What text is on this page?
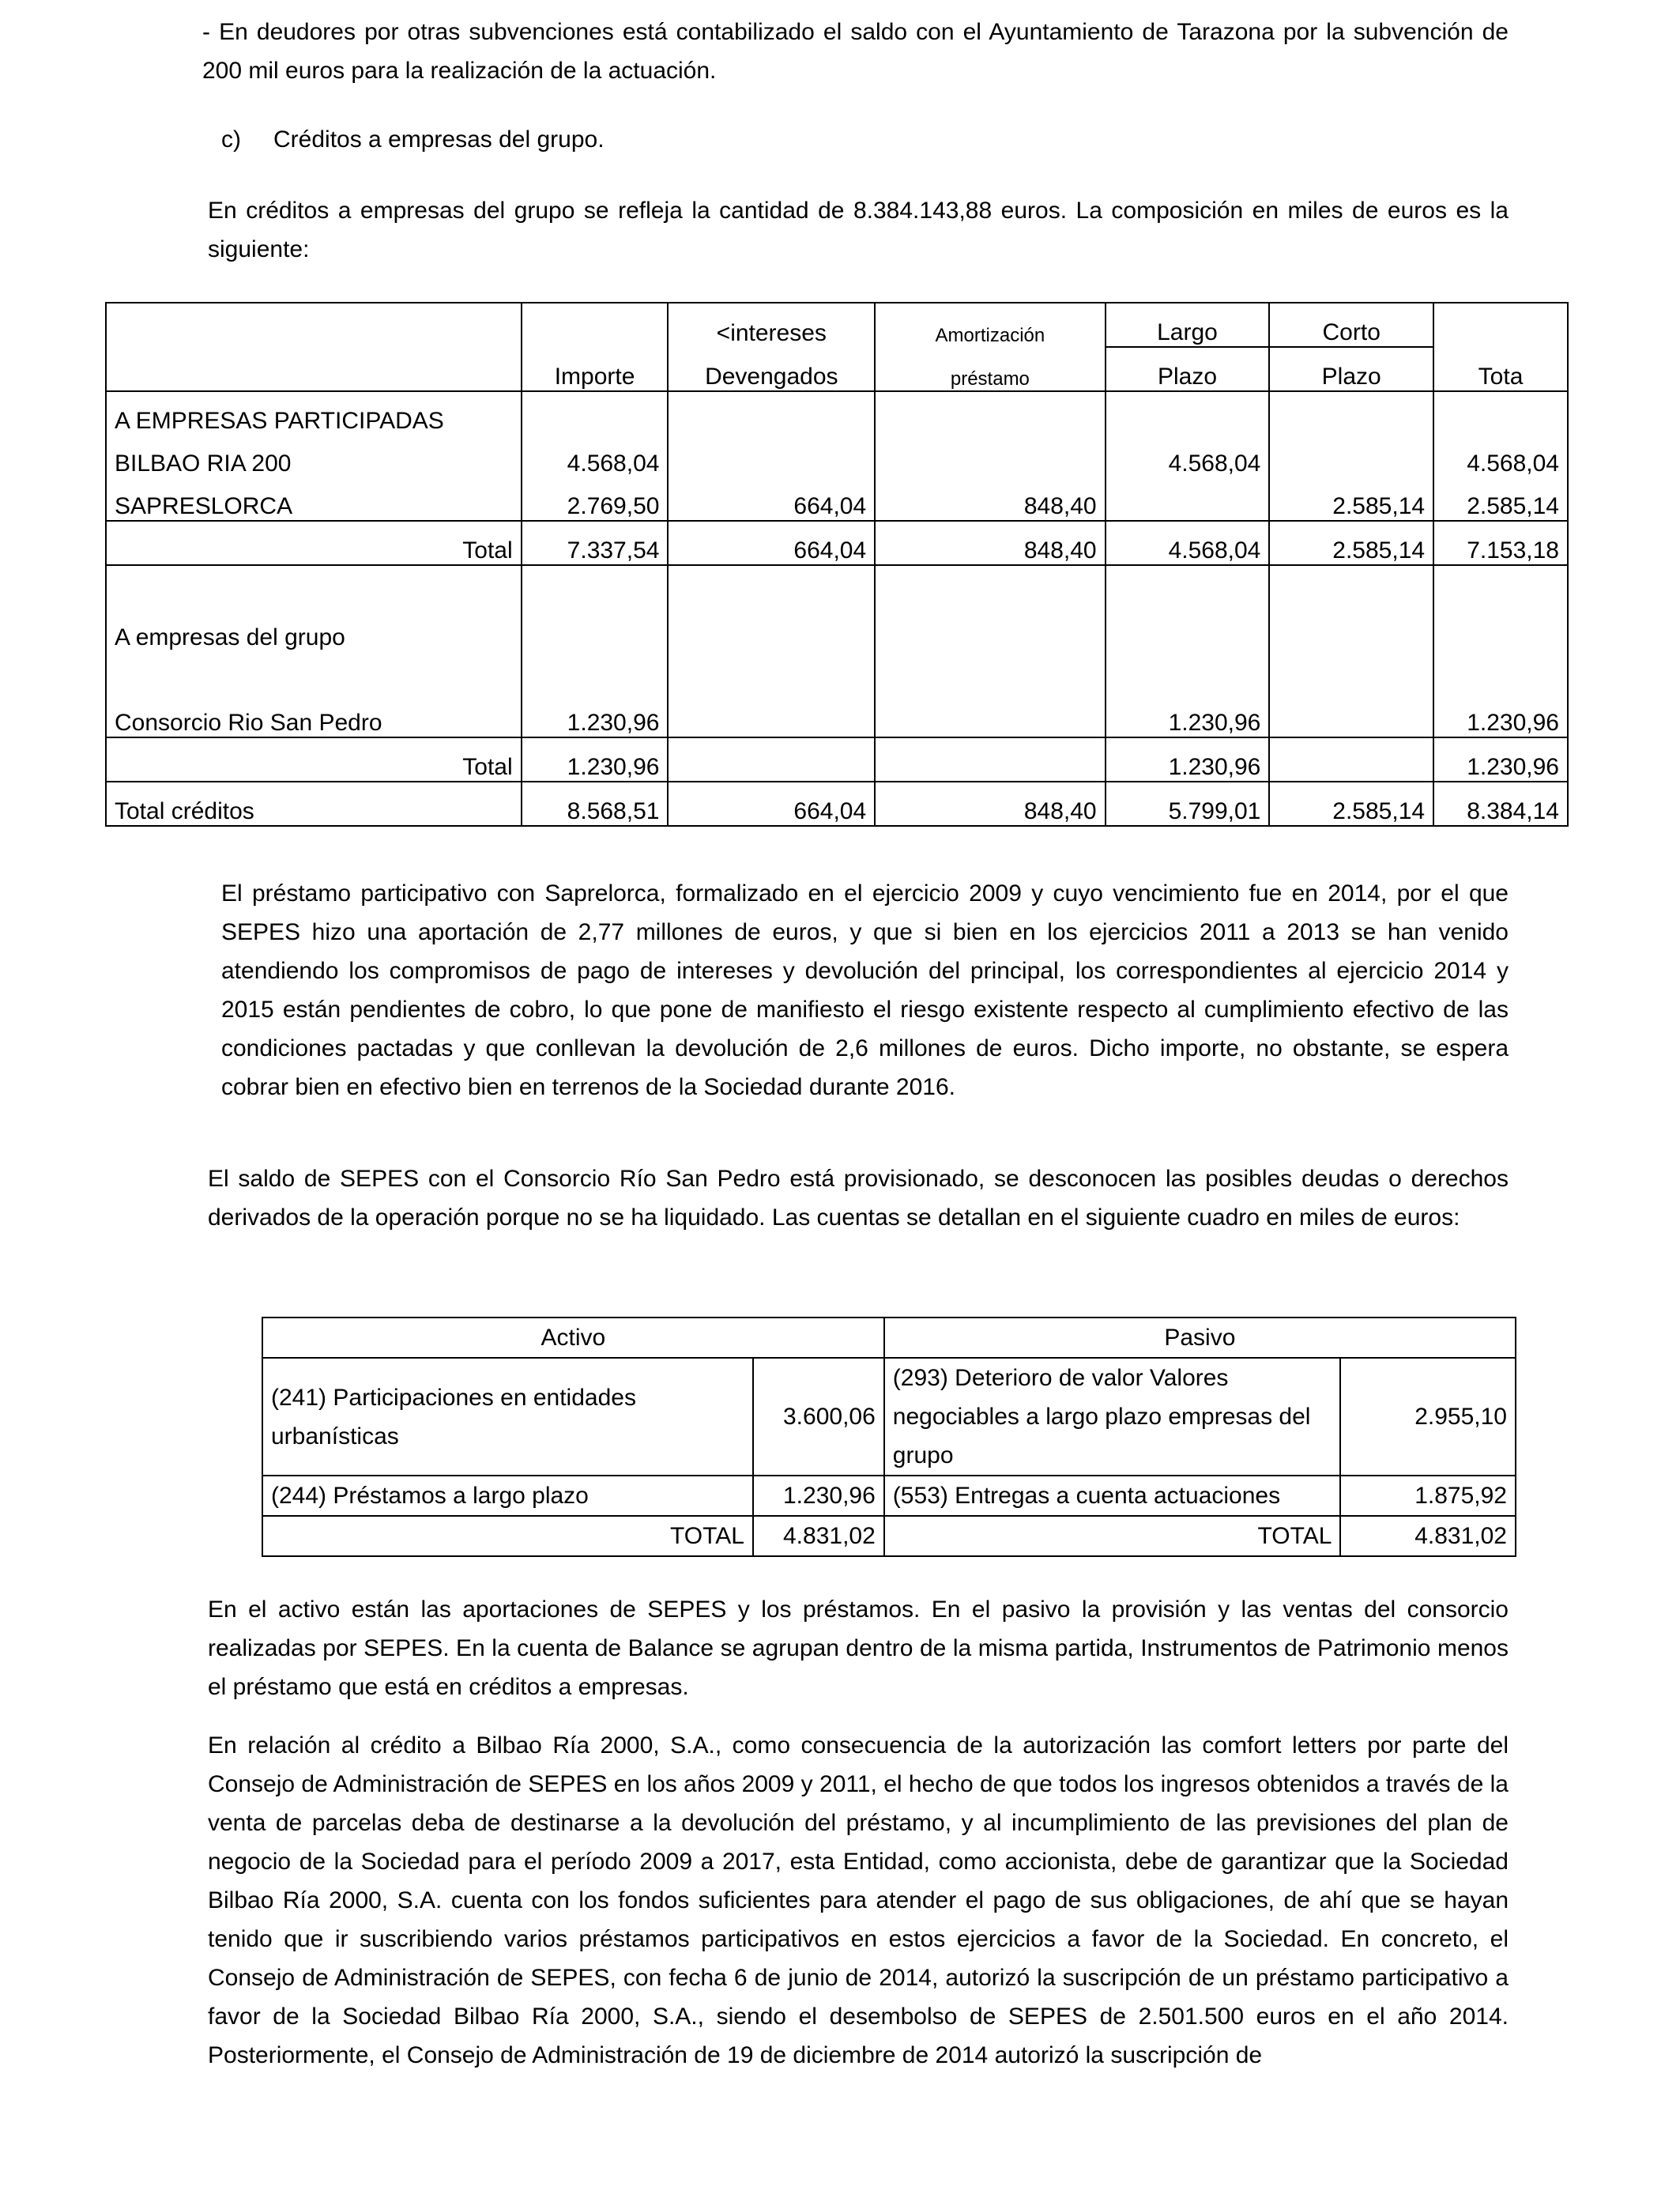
- En deudores por otras subvenciones está contabilizado el saldo con el Ayuntamiento de Tarazona por la subvención de 200 mil euros para la realización de la actuación.
c) Créditos a empresas del grupo.
En créditos a empresas del grupo se refleja la cantidad de 8.384.143,88 euros. La composición en miles de euros es la siguiente:
		<intereses	Amortización	Largo	Corto	
	Importe	Devengados	préstamo	Plazo	Plazo	Tota
A EMPRESAS PARTICIPADAS						
BILBAO RIA 200	4.568,04			4.568,04		4.568,04
SAPRESLORCA	2.769,50	664,04	848,40		2.585,14	2.585,14
Total	7.337,54	664,04	848,40	4.568,04	2.585,14	7.153,18

A empresas del grupo						

Consorcio Rio San Pedro	1.230,96			1.230,96		1.230,96
Total	1.230,96			1.230,96		1.230,96
Total créditos	8.568,51	664,04	848,40	5.799,01	2.585,14	8.384,14
El préstamo participativo con Saprelorca, formalizado en el ejercicio 2009 y cuyo vencimiento fue en 2014, por el que SEPES hizo una aportación de 2,77 millones de euros, y que si bien en los ejercicios 2011 a 2013 se han venido atendiendo los compromisos de pago de intereses y devolución del principal, los correspondientes al ejercicio 2014 y 2015 están pendientes de cobro, lo que pone de manifiesto el riesgo existente respecto al cumplimiento efectivo de las condiciones pactadas y que conllevan la devolución de 2,6 millones de euros. Dicho importe, no obstante, se espera cobrar bien en efectivo bien en terrenos de la Sociedad durante 2016.
El saldo de SEPES con el Consorcio Río San Pedro está provisionado, se desconocen las posibles deudas o derechos derivados de la operación porque no se ha liquidado. Las cuentas se detallan en el siguiente cuadro en miles de euros:
Activo		Pasivo	
(241) Participaciones en entidades urbanísticas	3.600,06	(293) Deterioro de valor Valores negociables a largo plazo empresas del grupo	2.955,10
(244) Préstamos a largo plazo	1.230,96	(553) Entregas a cuenta actuaciones	1.875,92
TOTAL	4.831,02	TOTAL	4.831,02
En el activo están las aportaciones de SEPES y los préstamos. En el pasivo la provisión y las ventas del consorcio realizadas por SEPES. En la cuenta de Balance se agrupan dentro de la misma partida, Instrumentos de Patrimonio menos el préstamo que está en créditos a empresas.
En relación al crédito a Bilbao Ría 2000, S.A., como consecuencia de la autorización las comfort letters por parte del Consejo de Administración de SEPES en los años 2009 y 2011, el hecho de que todos los ingresos obtenidos a través de la venta de parcelas deba de destinarse a la devolución del préstamo, y al incumplimiento de las previsiones del plan de negocio de la Sociedad para el período 2009 a 2017, esta Entidad, como accionista, debe de garantizar que la Sociedad Bilbao Ría 2000, S.A. cuenta con los fondos suficientes para atender el pago de sus obligaciones, de ahí que se hayan tenido que ir suscribiendo varios préstamos participativos en estos ejercicios a favor de la Sociedad. En concreto, el Consejo de Administración de SEPES, con fecha 6 de junio de 2014, autorizó la suscripción de un préstamo participativo a favor de la Sociedad Bilbao Ría 2000, S.A., siendo el desembolso de SEPES de 2.501.500 euros en el año 2014. Posteriormente, el Consejo de Administración de 19 de diciembre de 2014 autorizó la suscripción de
